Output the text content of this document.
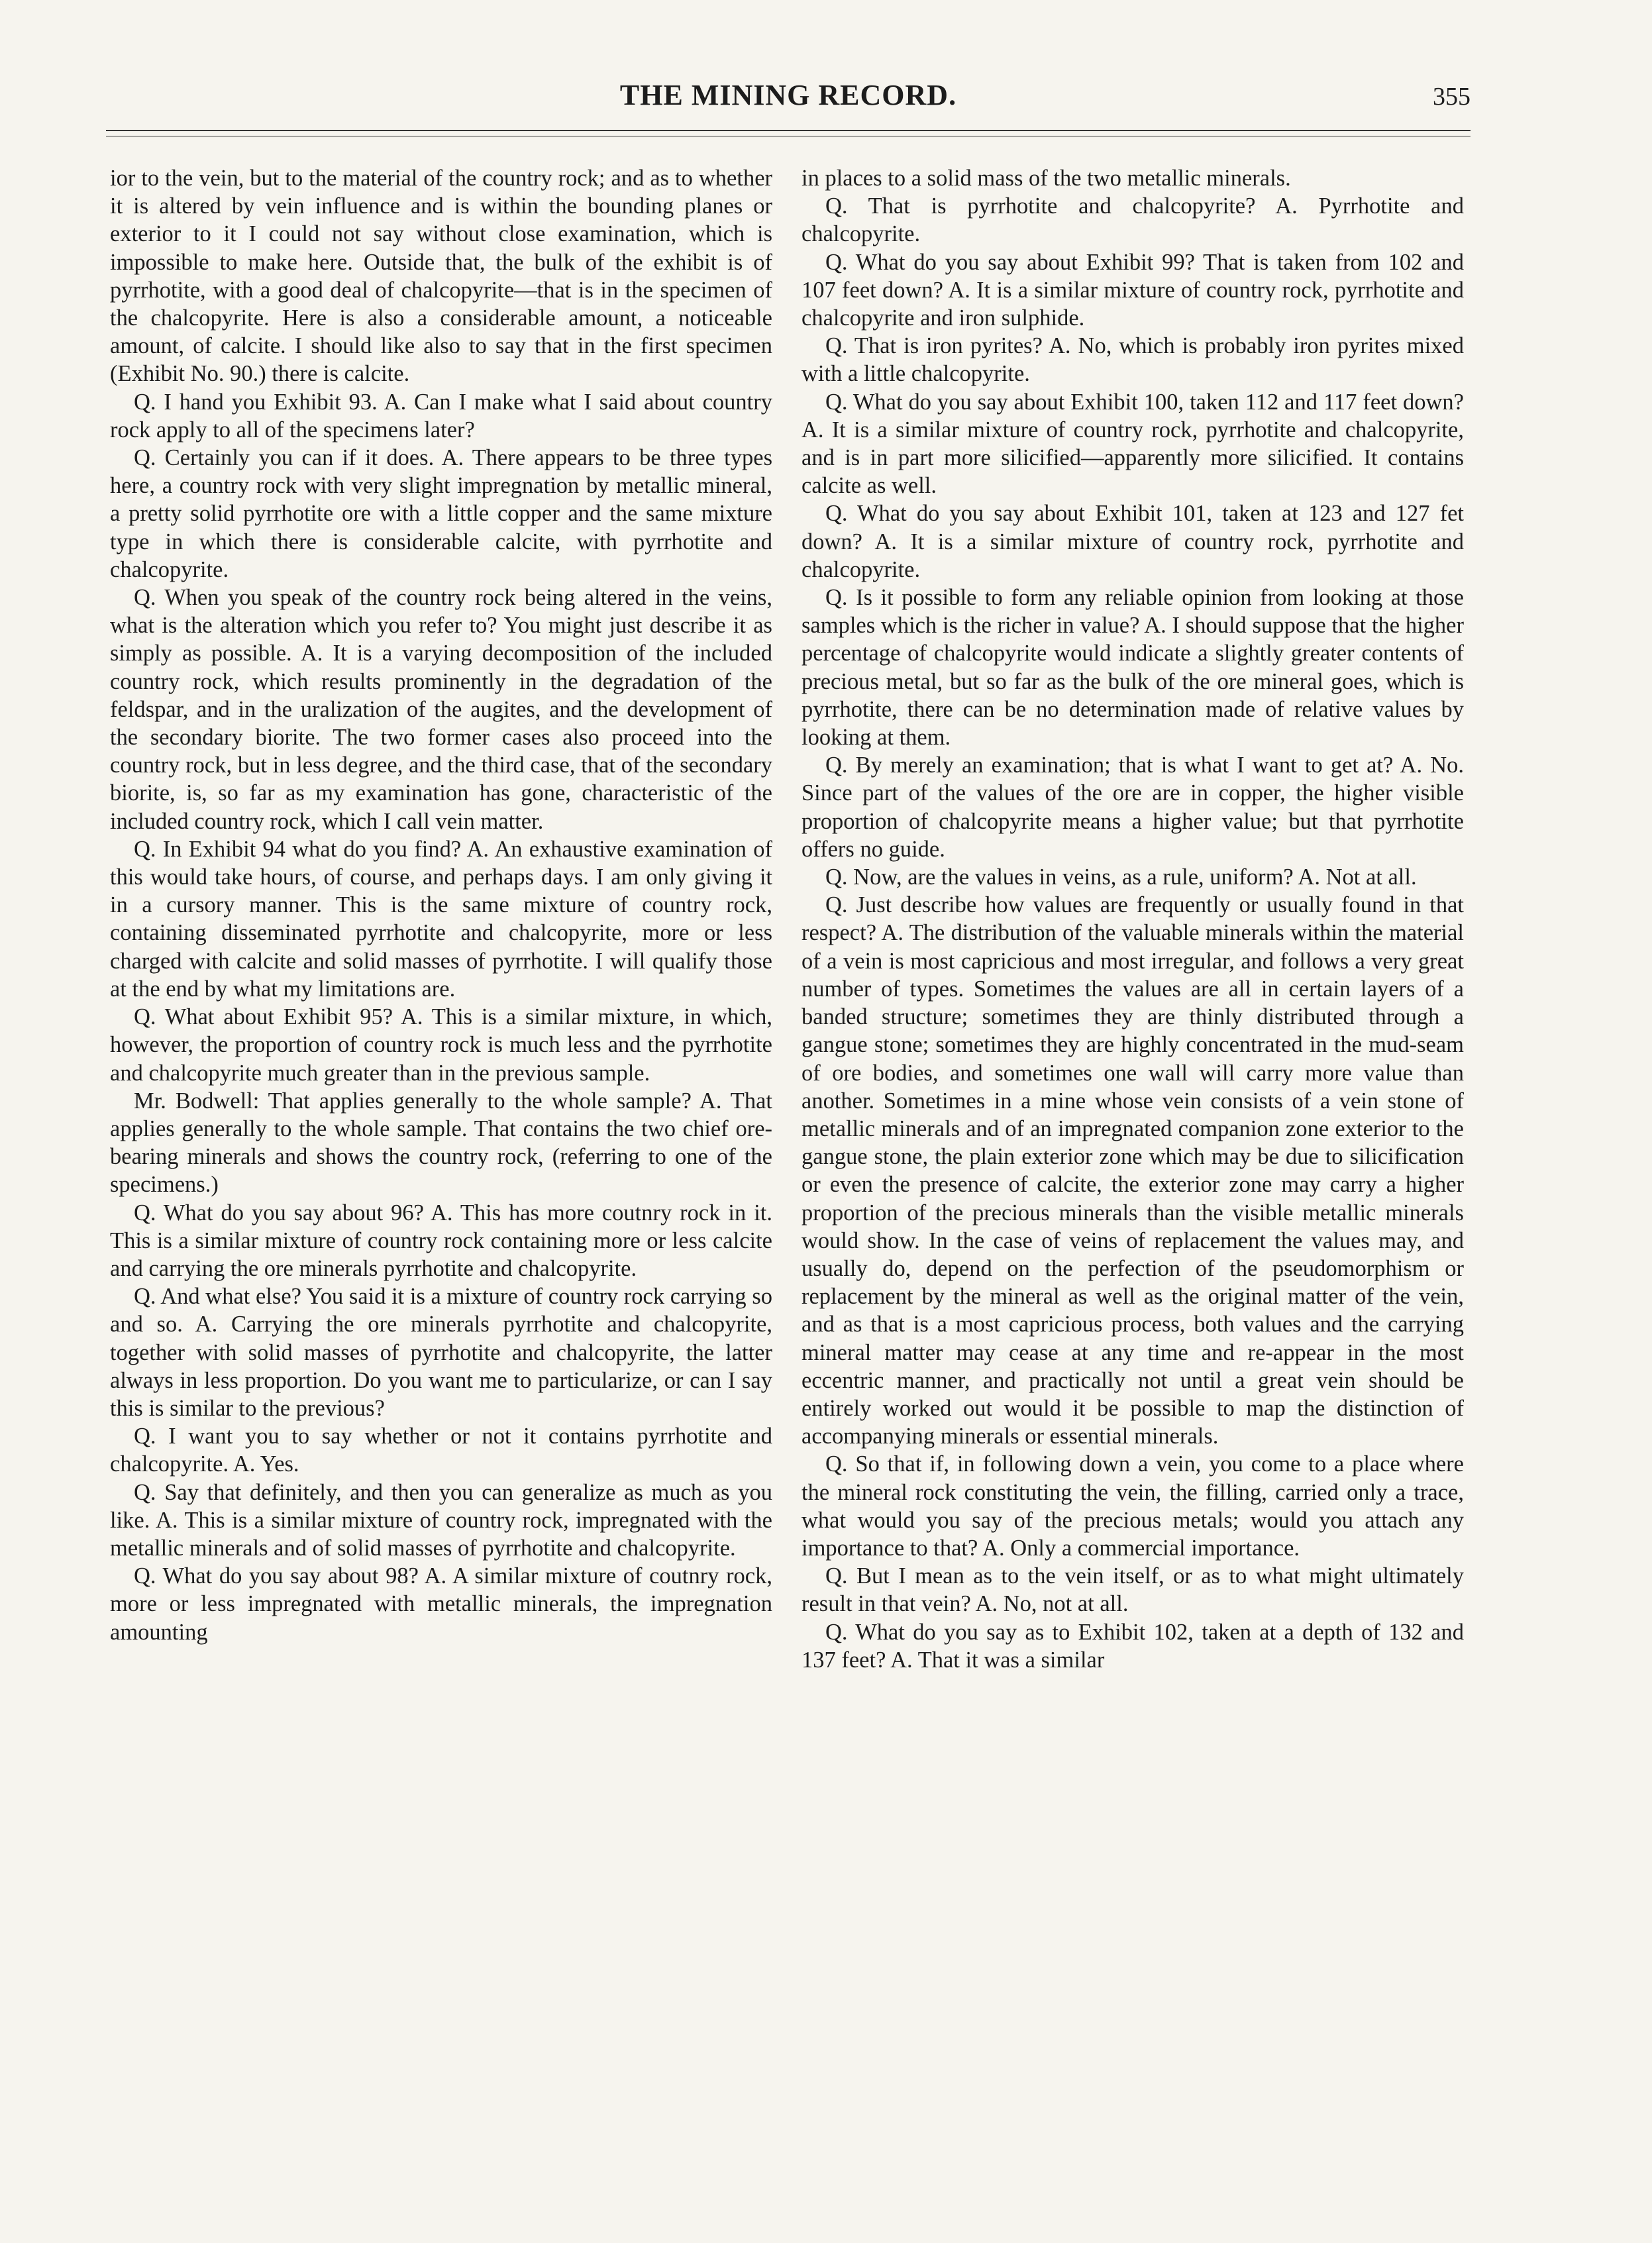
THE MINING RECORD.	355

ior to the vein, but to the material of the country rock; and as to whether it is altered by vein influence and is within the bounding planes or exterior to it I could not say without close examination, which is impossible to make here. Outside that, the bulk of the exhibit is of pyrrhotite, with a good deal of chalcopyrite—that is in the specimen of the chalcopyrite. Here is also a considerable amount, a noticeable amount, of calcite. I should like also to say that in the first specimen (Exhibit No. 90.) there is calcite.

Q. I hand you Exhibit 93. A. Can I make what I said about country rock apply to all of the specimens later?

Q. Certainly you can if it does. A. There appears to be three types here, a country rock with very slight impregnation by metallic mineral, a pretty solid pyrrhotite ore with a little copper and the same mixture type in which there is considerable calcite, with pyrrhotite and chalcopyrite.

Q. When you speak of the country rock being altered in the veins, what is the alteration which you refer to? You might just describe it as simply as possible. A. It is a varying decomposition of the included country rock, which results prominently in the degradation of the feldspar, and in the uralization of the augites, and the development of the secondary biorite. The two former cases also proceed into the country rock, but in less degree, and the third case, that of the secondary biorite, is, so far as my examination has gone, characteristic of the included country rock, which I call vein matter.

Q. In Exhibit 94 what do you find? A. An exhaustive examination of this would take hours, of course, and perhaps days. I am only giving it in a cursory manner. This is the same mixture of country rock, containing disseminated pyrrhotite and chalcopyrite, more or less charged with calcite and solid masses of pyrrhotite. I will qualify those at the end by what my limitations are.

Q. What about Exhibit 95? A. This is a similar mixture, in which, however, the proportion of country rock is much less and the pyrrhotite and chalcopyrite much greater than in the previous sample.

Mr. Bodwell: That applies generally to the whole sample? A. That applies generally to the whole sample. That contains the two chief ore-bearing minerals and shows the country rock, (referring to one of the specimens.)

Q. What do you say about 96? A. This has more coutnry rock in it. This is a similar mixture of country rock containing more or less calcite and carrying the ore minerals pyrrhotite and chalcopyrite.

Q. And what else? You said it is a mixture of country rock carrying so and so. A. Carrying the ore minerals pyrrhotite and chalcopyrite, together with solid masses of pyrrhotite and chalcopyrite, the latter always in less proportion. Do you want me to particularize, or can I say this is similar to the previous?

Q. I want you to say whether or not it contains pyrrhotite and chalcopyrite. A. Yes.

Q. Say that definitely, and then you can generalize as much as you like. A. This is a similar mixture of country rock, impregnated with the metallic minerals and of solid masses of pyrrhotite and chalcopyrite.

Q. What do you say about 98? A. A similar mixture of coutnry rock, more or less impregnated with metallic minerals, the impregnation amounting

in places to a solid mass of the two metallic minerals.

Q. That is pyrrhotite and chalcopyrite? A. Pyrrhotite and chalcopyrite.

Q. What do you say about Exhibit 99? That is taken from 102 and 107 feet down? A. It is a similar mixture of country rock, pyrrhotite and chalcopyrite and iron sulphide.

Q. That is iron pyrites? A. No, which is probably iron pyrites mixed with a little chalcopyrite.

Q. What do you say about Exhibit 100, taken 112 and 117 feet down? A. It is a similar mixture of country rock, pyrrhotite and chalcopyrite, and is in part more silicified—apparently more silicified. It contains calcite as well.

Q. What do you say about Exhibit 101, taken at 123 and 127 fet down? A. It is a similar mixture of country rock, pyrrhotite and chalcopyrite.

Q. Is it possible to form any reliable opinion from looking at those samples which is the richer in value? A. I should suppose that the higher percentage of chalcopyrite would indicate a slightly greater contents of precious metal, but so far as the bulk of the ore mineral goes, which is pyrrhotite, there can be no determination made of relative values by looking at them.

Q. By merely an examination; that is what I want to get at? A. No. Since part of the values of the ore are in copper, the higher visible proportion of chalcopyrite means a higher value; but that pyrrhotite offers no guide.

Q. Now, are the values in veins, as a rule, uniform? A. Not at all.

Q. Just describe how values are frequently or usually found in that respect? A. The distribution of the valuable minerals within the material of a vein is most capricious and most irregular, and follows a very great number of types. Sometimes the values are all in certain layers of a banded structure; sometimes they are thinly distributed through a gangue stone; sometimes they are highly concentrated in the mud-seam of ore bodies, and sometimes one wall will carry more value than another. Sometimes in a mine whose vein consists of a vein stone of metallic minerals and of an impregnated companion zone exterior to the gangue stone, the plain exterior zone which may be due to silicification or even the presence of calcite, the exterior zone may carry a higher proportion of the precious minerals than the visible metallic minerals would show. In the case of veins of replacement the values may, and usually do, depend on the perfection of the pseudomorphism or replacement by the mineral as well as the original matter of the vein, and as that is a most capricious process, both values and the carrying mineral matter may cease at any time and re-appear in the most eccentric manner, and practically not until a great vein should be entirely worked out would it be possible to map the distinction of accompanying minerals or essential minerals.

Q. So that if, in following down a vein, you come to a place where the mineral rock constituting the vein, the filling, carried only a trace, what would you say of the precious metals; would you attach any importance to that? A. Only a commercial importance.

Q. But I mean as to the vein itself, or as to what might ultimately result in that vein? A. No, not at all.

Q. What do you say as to Exhibit 102, taken at a depth of 132 and 137 feet? A. That it was a similar
